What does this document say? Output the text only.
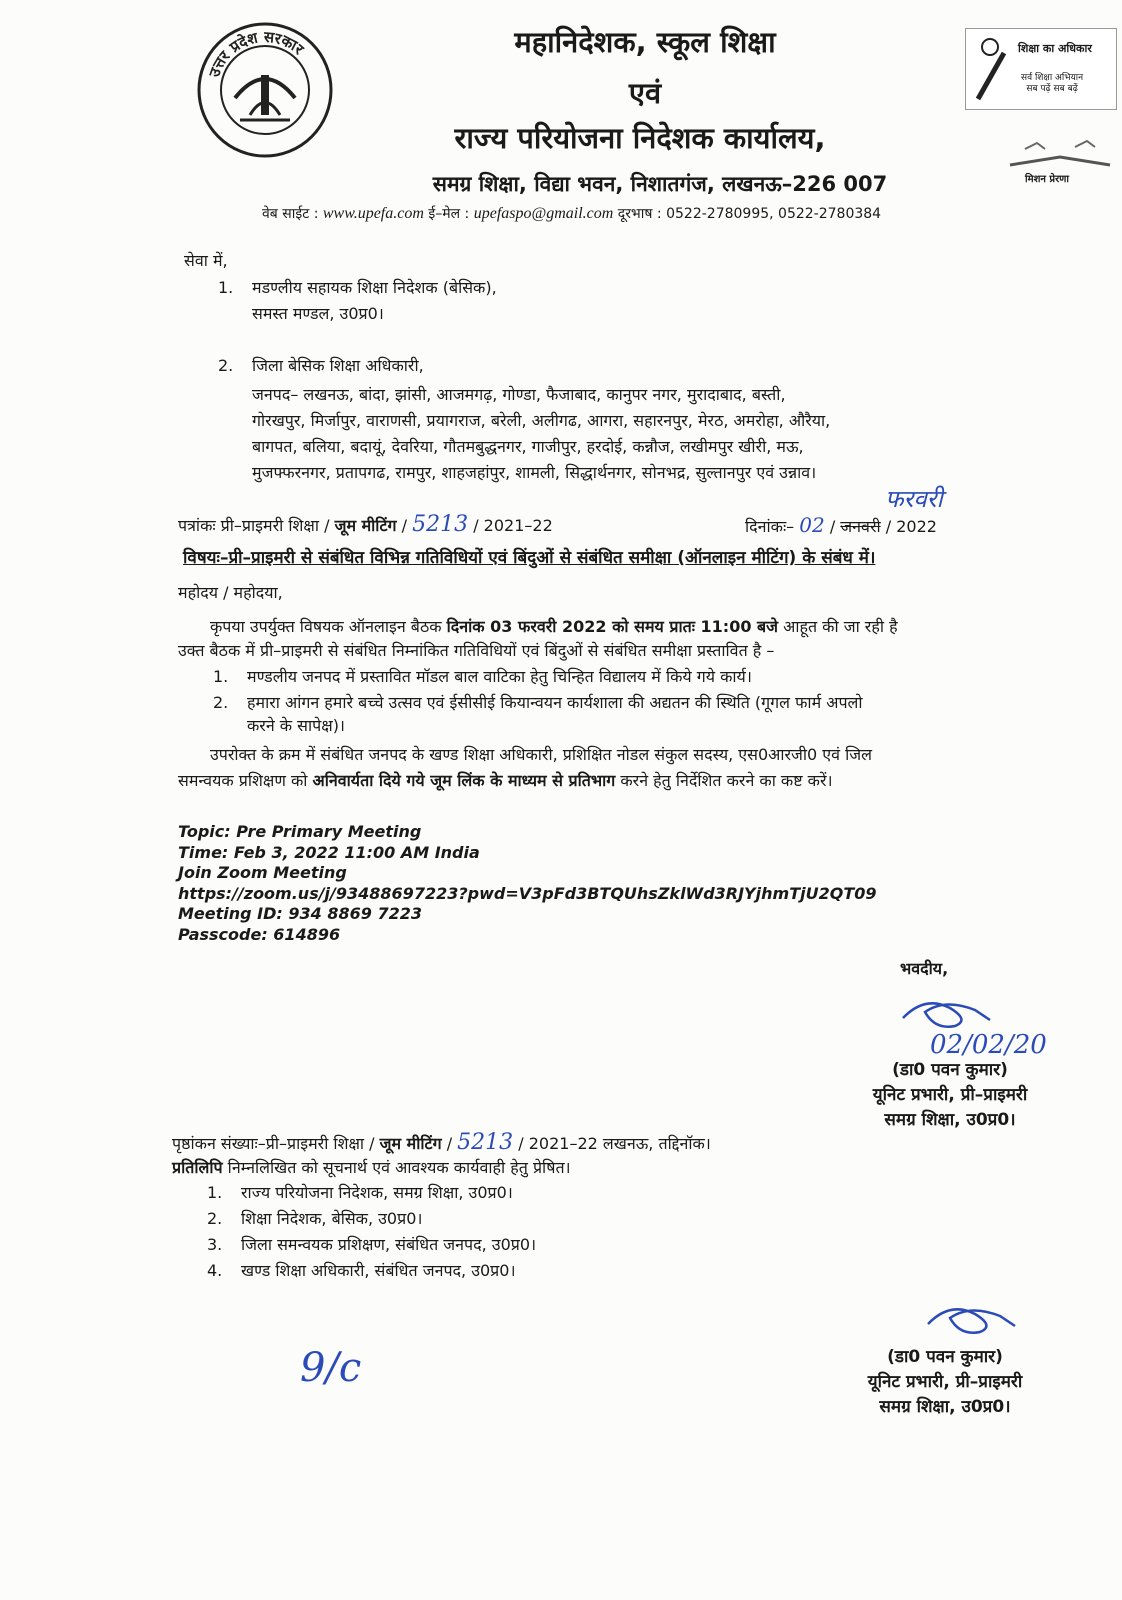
उत्तर प्रदेश सरकार	महानिदेशक, स्कूल शिक्षा
एवं
राज्य परियोजना निदेशक कार्यालय,
समग्र शिक्षा, विद्या भवन, निशातगंज, लखनऊ–226 007
वेब साईट : www.upefa.com ई–मेल : upefaspo@gmail.com दूरभाष : 0522-2780995, 0522-2780384
शिक्षा का अधिकार
सर्व शिक्षा अभियान
सब पढ़ें सब बढ़ें
मिशन प्रेरणा
सेवा में,
1. मडण्लीय सहायक शिक्षा निदेशक (बेसिक),
समस्त मण्डल, उ0प्र0।
2. जिला बेसिक शिक्षा अधिकारी,
जनपद– लखनऊ, बांदा, झांसी, आजमगढ़, गोण्डा, फैजाबाद, कानुपर नगर, मुरादाबाद, बस्ती,
गोरखपुर, मिर्जापुर, वाराणसी, प्रयागराज, बरेली, अलीगढ, आगरा, सहारनपुर, मेरठ, अमरोहा, औरैया,
बागपत, बलिया, बदायूं, देवरिया, गौतमबुद्धनगर, गाजीपुर, हरदोई, कन्नौज, लखीमपुर खीरी, मऊ,
मुजफ्फरनगर, प्रतापगढ, रामपुर, शाहजहांपुर, शामली, सिद्धार्थनगर, सोनभद्र, सुल्तानपुर एवं उन्नाव।
पत्रांकः प्री–प्राइमरी शिक्षा / जूम मीटिंग / 5213 / 2021–22	दिनांकः– 02 / जनवरी / 2022
फरवरी
विषयः–प्री–प्राइमरी से संबंधित विभिन्न गतिविधियों एवं बिंदुओं से संबंधित समीक्षा (ऑनलाइन मीटिंग) के संबंध में।
महोदय / महोदया,
कृपया उपर्युक्त विषयक ऑनलाइन बैठक दिनांक 03 फरवरी 2022 को समय प्रातः 11:00 बजे आहूत की जा रही है
उक्त बैठक में प्री–प्राइमरी से संबंधित निम्नांकित गतिविधियों एवं बिंदुओं से संबंधित समीक्षा प्रस्तावित है –
1. मण्डलीय जनपद में प्रस्तावित मॉडल बाल वाटिका हेतु चिन्हित विद्यालय में किये गये कार्य।
2. हमारा आंगन हमारे बच्चे उत्सव एवं ईसीसीई कियान्वयन कार्यशाला की अद्यतन की स्थिति (गूगल फार्म अपलो
करने के सापेक्ष)।
उपरोक्त के क्रम में संबंधित जनपद के खण्ड शिक्षा अधिकारी, प्रशिक्षित नोडल संकुल सदस्य, एस0आरजी0 एवं जिल
समन्वयक प्रशिक्षण को अनिवार्यता दिये गये जूम लिंक के माध्यम से प्रतिभाग करने हेतु निर्देशित करने का कष्ट करें।
Topic: Pre Primary Meeting
Time: Feb 3, 2022 11:00 AM India
Join Zoom Meeting
https://zoom.us/j/93488697223?pwd=V3pFd3BTQUhsZklWd3RJYjhmTjU2QT09
Meeting ID: 934 8869 7223
Passcode: 614896
भवदीय,
02/02/20
(डा0 पवन कुमार)
यूनिट प्रभारी, प्री–प्राइमरी
समग्र शिक्षा, उ0प्र0।
पृष्ठांकन संख्याः–प्री–प्राइमरी शिक्षा / जूम मीटिंग / 5213 / 2021–22 लखनऊ, तद्दिनॉक।
प्रतिलिपि निम्नलिखित को सूचनार्थ एवं आवश्यक कार्यवाही हेतु प्रेषित।
1. राज्य परियोजना निदेशक, समग्र शिक्षा, उ0प्र0।
2. शिक्षा निदेशक, बेसिक, उ0प्र0।
3. जिला समन्वयक प्रशिक्षण, संबंधित जनपद, उ0प्र0।
4. खण्ड शिक्षा अधिकारी, संबंधित जनपद, उ0प्र0।
(डा0 पवन कुमार)
यूनिट प्रभारी, प्री–प्राइमरी
समग्र शिक्षा, उ0प्र0।
9/c
